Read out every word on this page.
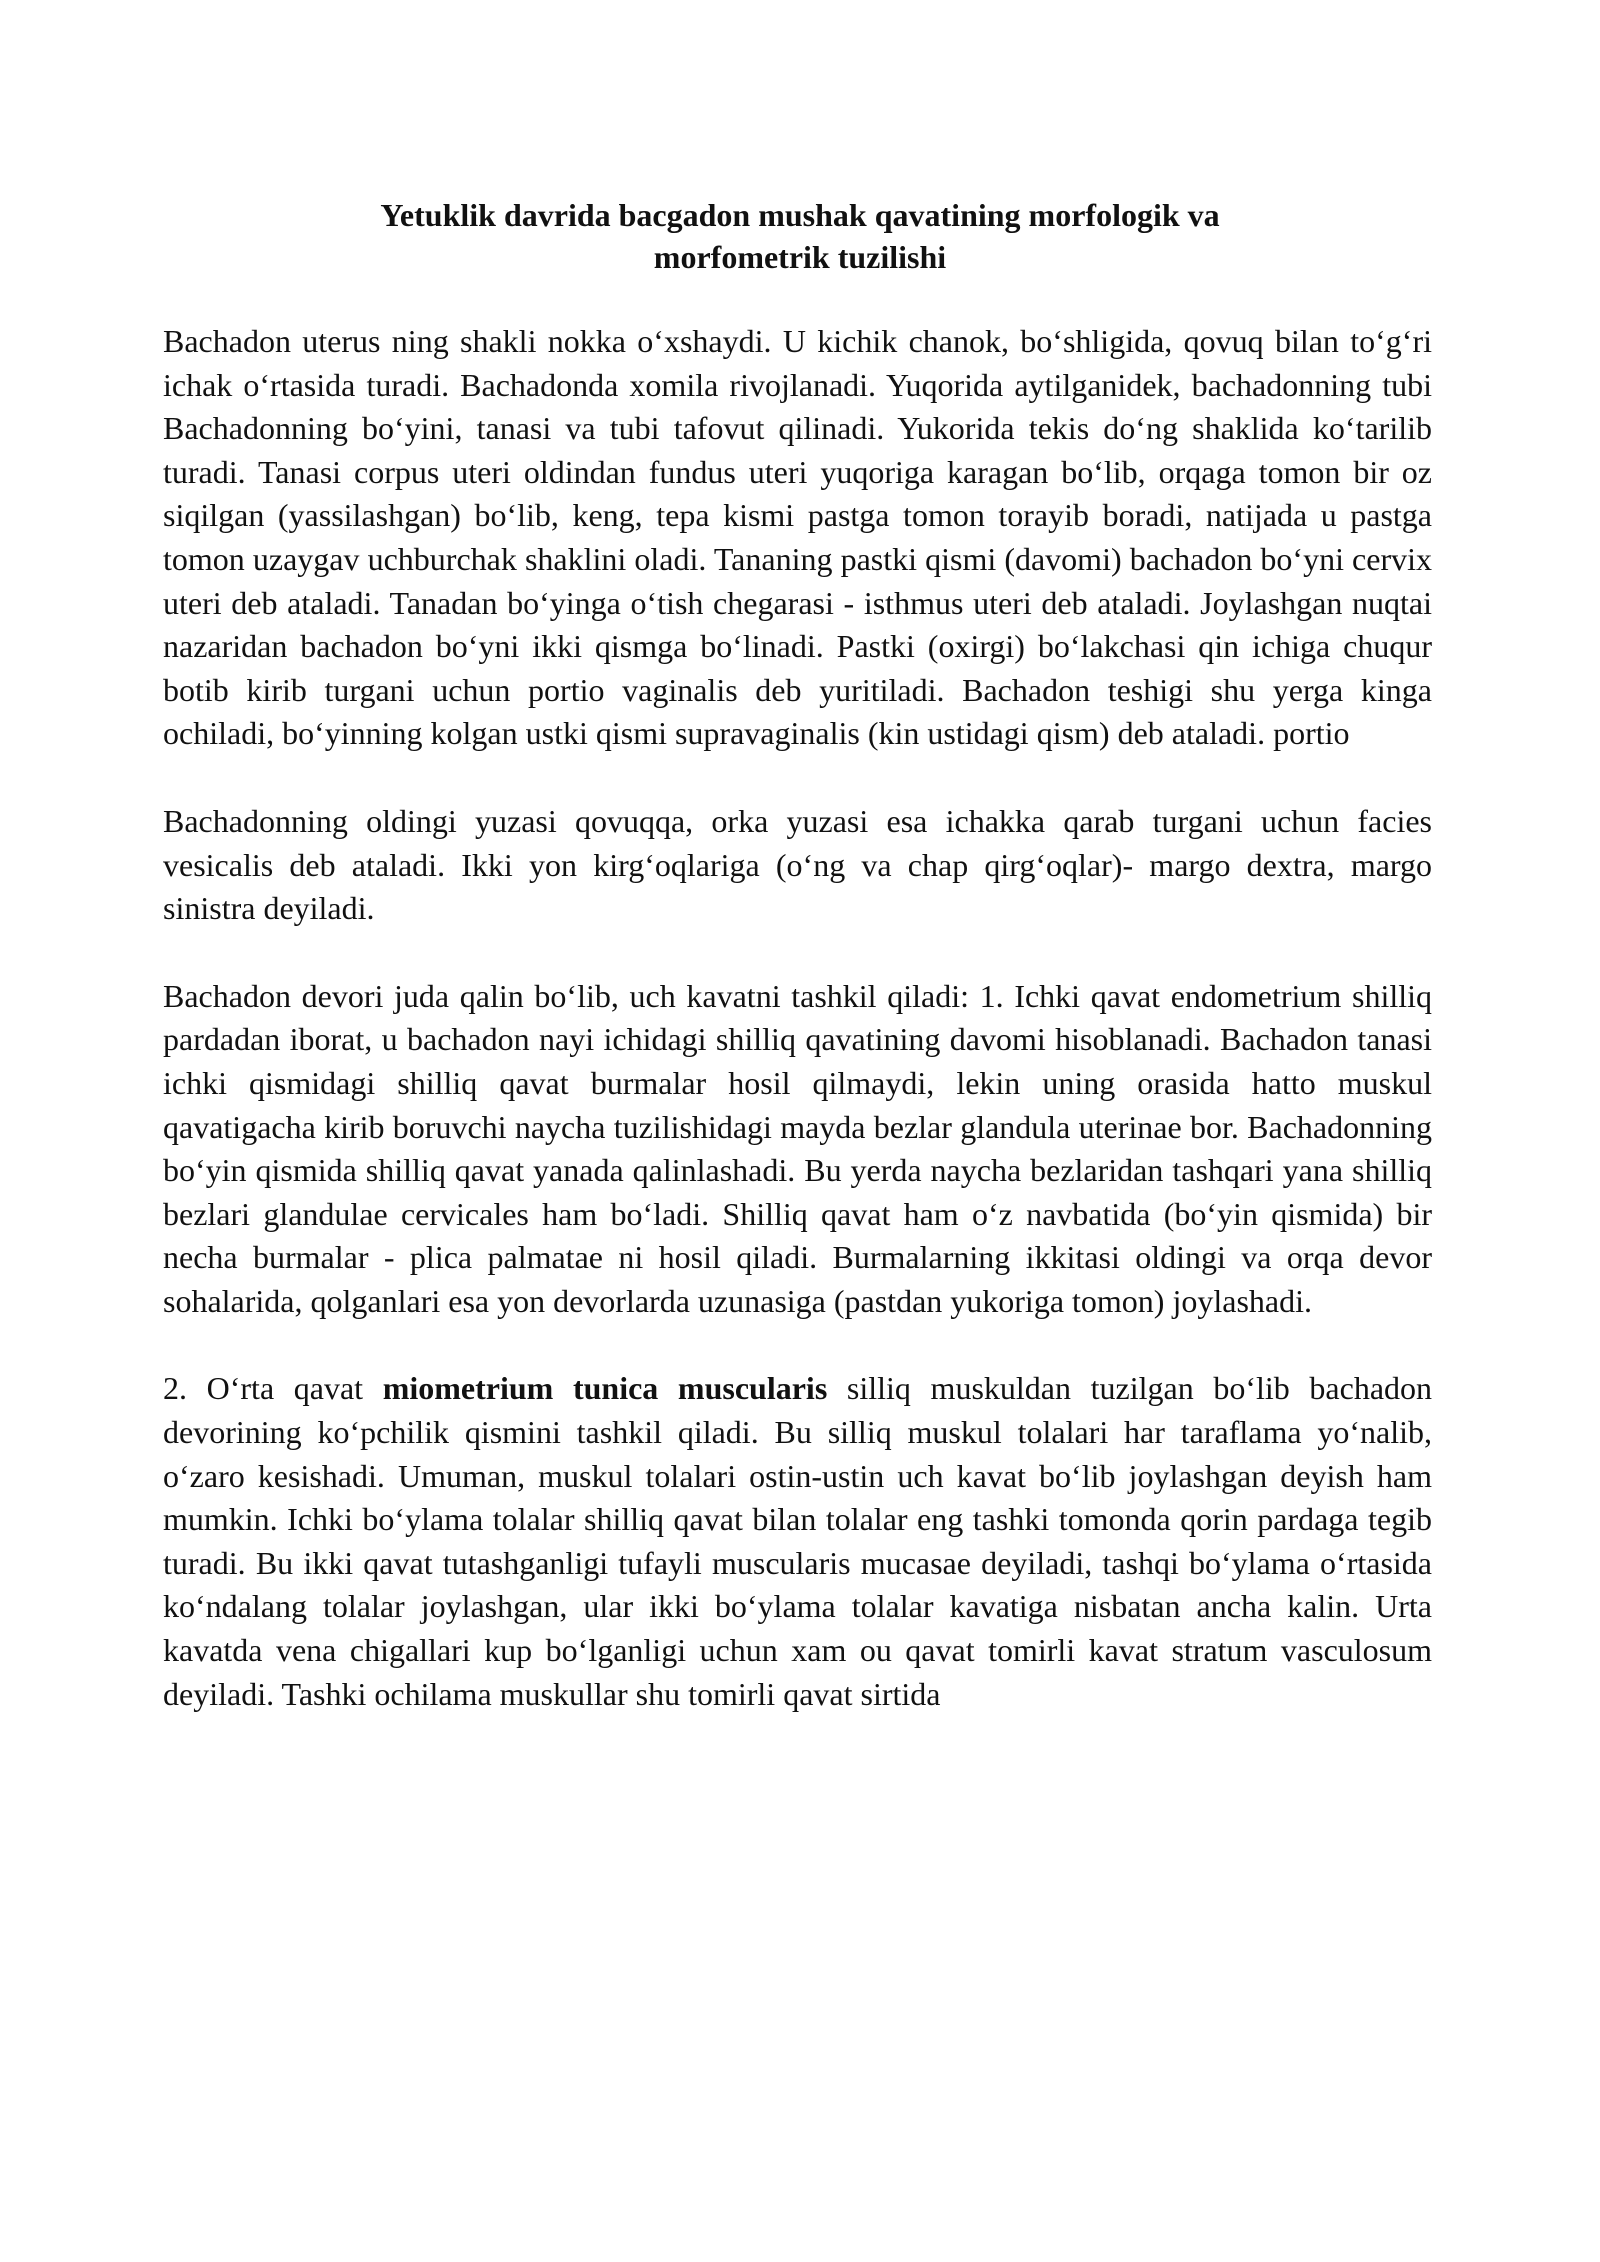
Yetuklik davrida bacgadon mushak qavatining morfologik va
morfometrik tuzilishi

Bachadon uterus ning shakli nokka oʻxshaydi. U kichik chanok, boʻshligida, qovuq bilan toʻgʻri ichak oʻrtasida turadi. Bachadonda xomila rivojlanadi. Yuqorida aytilganidek, bachadonning tubi Bachadonning boʻyini, tanasi va tubi tafovut qilinadi. Yukorida tekis doʻng shaklida koʻtarilib turadi. Tanasi corpus uteri oldindan fundus uteri yuqoriga karagan boʻlib, orqaga tomon bir oz siqilgan (yassilashgan) boʻlib, keng, tepa kismi pastga tomon torayib boradi, natijada u pastga tomon uzaygav uchburchak shaklini oladi. Tananing pastki qismi (davomi) bachadon boʻyni cervix uteri deb ataladi. Tanadan boʻyinga oʻtish chegarasi - isthmus uteri deb ataladi. Joylashgan nuqtai nazaridan bachadon boʻyni ikki qismga boʻlinadi. Pastki (oxirgi) boʻlakchasi qin ichiga chuqur botib kirib turgani uchun portio vaginalis deb yuritiladi. Bachadon teshigi shu yerga kinga ochiladi, boʻyinning kolgan ustki qismi supravaginalis (kin ustidagi qism) deb ataladi. portio

Bachadonning oldingi yuzasi qovuqqa, orka yuzasi esa ichakka qarab turgani uchun facies vesicalis deb ataladi. Ikki yon kirgʻoqlariga (oʻng va chap qirgʻoqlar)- margo dextra, margo sinistra deyiladi.

Bachadon devori juda qalin boʻlib, uch kavatni tashkil qiladi: 1. Ichki qavat endometrium shilliq pardadan iborat, u bachadon nayi ichidagi shilliq qavatining davomi hisoblanadi. Bachadon tanasi ichki qismidagi shilliq qavat burmalar hosil qilmaydi, lekin uning orasida hatto muskul qavatigacha kirib boruvchi naycha tuzilishidagi mayda bezlar glandula uterinae bor. Bachadonning boʻyin qismida shilliq qavat yanada qalinlashadi. Bu yerda naycha bezlaridan tashqari yana shilliq bezlari glandulae cervicales ham boʻladi. Shilliq qavat ham oʻz navbatida (boʻyin qismida) bir necha burmalar - plica palmatae ni hosil qiladi. Burmalarning ikkitasi oldingi va orqa devor sohalarida, qolganlari esa yon devorlarda uzunasiga (pastdan yukoriga tomon) joylashadi.

2. Oʻrta qavat miometrium tunica muscularis silliq muskuldan tuzilgan boʻlib bachadon devorining koʻpchilik qismini tashkil qiladi. Bu silliq muskul tolalari har taraflama yoʻnalib, oʻzaro kesishadi. Umuman, muskul tolalari ostin-ustin uch kavat boʻlib joylashgan deyish ham mumkin. Ichki boʻylama tolalar shilliq qavat bilan tolalar eng tashki tomonda qorin pardaga tegib turadi. Bu ikki qavat tutashganligi tufayli muscularis mucasae deyiladi, tashqi boʻylama oʻrtasida koʻndalang tolalar joylashgan, ular ikki boʻylama tolalar kavatiga nisbatan ancha kalin. Urta kavatda vena chigallari kup boʻlganligi uchun xam ou qavat tomirli kavat stratum vasculosum deyiladi. Tashki ochilama muskullar shu tomirli qavat sirtida
